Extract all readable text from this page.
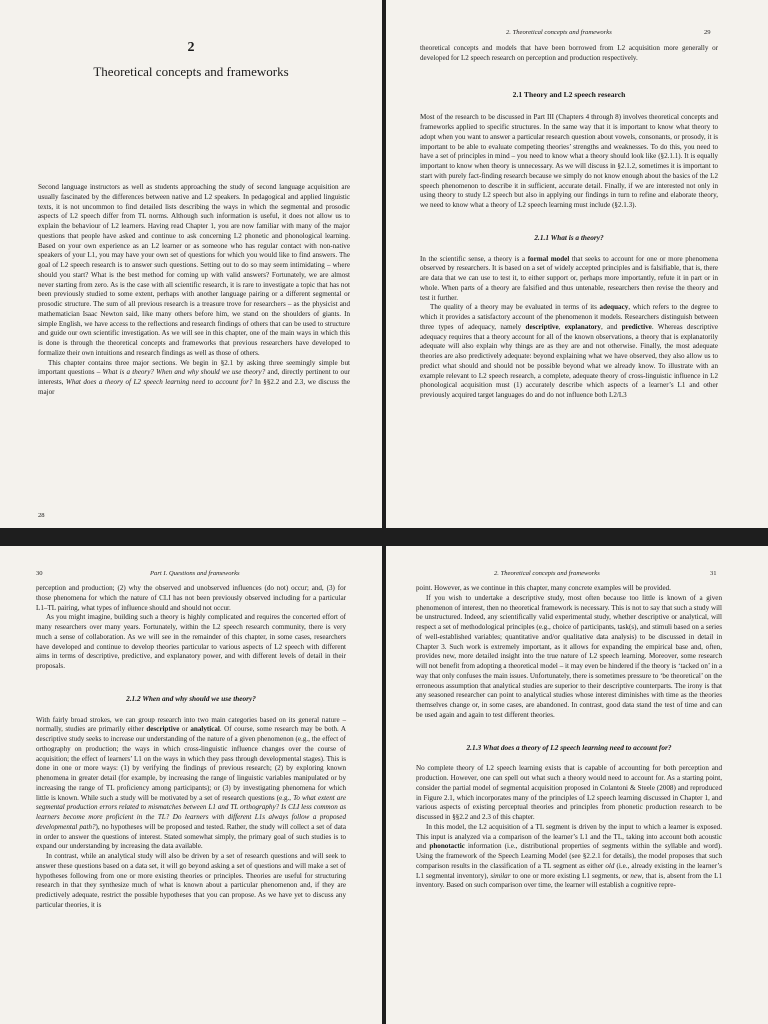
2
Theoretical concepts and frameworks

Second language instructors as well as students approaching the study of second language acquisition are usually fascinated by the differences between native and L2 speakers. In pedagogical and applied linguistic texts, it is not uncommon to find detailed lists describing the ways in which the segmental and prosodic aspects of L2 speech differ from TL norms. Although such information is useful, it does not allow us to explain the behaviour of L2 learners. Having read Chapter 1, you are now familiar with many of the major questions that people have asked and continue to ask concerning L2 phonetic and phonological learning. Based on your own experience as an L2 learner or as someone who has regular contact with non-native speakers of your L1, you may have your own set of questions for which you would like to find answers. The goal of L2 speech research is to answer such questions. Setting out to do so may seem intimidating – where should you start? What is the best method for coming up with valid answers? Fortunately, we are almost never starting from zero. As is the case with all scientific research, it is rare to investigate a topic that has not been previously studied to some extent, perhaps with another language pairing or a different segmental or prosodic structure. The sum of all previous research is a treasure trove for researchers – as the physicist and mathematician Isaac Newton said, like many others before him, we stand on the shoulders of giants. In simple English, we have access to the reflections and research findings of others that can be used to structure and guide our own scientific investigation. As we will see in this chapter, one of the main ways in which this is done is through the theoretical concepts and frameworks that previous researchers have developed to formalize their own intuitions and research findings as well as those of others.

This chapter contains three major sections. We begin in §2.1 by asking three seemingly simple but important questions – What is a theory? When and why should we use theory? and, directly pertinent to our interests, What does a theory of L2 speech learning need to account for? In §§2.2 and 2.3, we discuss the major

28
2. Theoretical concepts and frameworks	29

theoretical concepts and models that have been borrowed from L2 acquisition more generally or developed for L2 speech research on perception and production respectively.

2.1 Theory and L2 speech research

Most of the research to be discussed in Part III (Chapters 4 through 8) involves theoretical concepts and frameworks applied to specific structures. In the same way that it is important to know what theory to adopt when you want to answer a particular research question about vowels, consonants, or prosody, it is important to be able to evaluate competing theories’ strengths and weaknesses. To do this, you need to have a set of principles in mind – you need to know what a theory should look like (§2.1.1). It is equally important to know when theory is unnecessary. As we will discuss in §2.1.2, sometimes it is important to start with purely fact-finding research because we simply do not know enough about the basics of the L2 speech phenomenon to describe it in sufficient, accurate detail. Finally, if we are interested not only in using theory to study L2 speech but also in applying our findings in turn to refine and elaborate theory, we need to know what a theory of L2 speech learning must include (§2.1.3).

2.1.1 What is a theory?

In the scientific sense, a theory is a formal model that seeks to account for one or more phenomena observed by researchers. It is based on a set of widely accepted principles and is falsifiable, that is, there are data that we can use to test it, to either support or, perhaps more importantly, refute it in part or in whole. When parts of a theory are falsified and thus untenable, researchers then revise the theory and test it further.

The quality of a theory may be evaluated in terms of its adequacy, which refers to the degree to which it provides a satisfactory account of the phenomenon it models. Researchers distinguish between three types of adequacy, namely descriptive, explanatory, and predictive. Whereas descriptive adequacy requires that a theory account for all of the known observations, a theory that is explanatorily adequate will also explain why things are as they are and not otherwise. Finally, the most adequate theories are also predictively adequate: beyond explaining what we have observed, they also allow us to predict what should and should not be possible beyond what we already know. To illustrate with an example relevant to L2 speech research, a complete, adequate theory of cross-linguistic influence in L2 phonological acquisition must (1) accurately describe which aspects of a learner’s L1 and other previously acquired target languages do and do not influence both L2/L3

30	Part I. Questions and frameworks

perception and production; (2) why the observed and unobserved influences (do not) occur; and, (3) for those phenomena for which the nature of CLI has not been previously observed including for a particular L1–TL pairing, what types of influence should and should not occur.

As you might imagine, building such a theory is highly complicated and requires the concerted effort of many researchers over many years. Fortunately, within the L2 speech research community, there is very much a sense of collaboration. As we will see in the remainder of this chapter, in some cases, researchers have developed and continue to develop theories particular to various aspects of L2 speech with different aims in terms of descriptive, predictive, and explanatory power, and with different levels of detail in their proposals.

2.1.2 When and why should we use theory?

With fairly broad strokes, we can group research into two main categories based on its general nature – normally, studies are primarily either descriptive or analytical. Of course, some research may be both. A descriptive study seeks to increase our understanding of the nature of a given phenomenon (e.g., the effect of orthography on production; the ways in which cross-linguistic influence changes over the course of acquisition; the effect of learners’ L1 on the ways in which they pass through developmental stages). This is done in one or more ways: (1) by verifying the findings of previous research; (2) by exploring known phenomena in greater detail (for example, by increasing the range of linguistic variables manipulated or by increasing the range of TL proficiency among participants); or (3) by investigating phenomena for which little is known. While such a study will be motivated by a set of research questions (e.g., To what extent are segmental production errors related to mismatches between L1 and TL orthography? Is CLI less common as learners become more proficient in the TL? Do learners with different L1s always follow a proposed developmental path?), no hypotheses will be proposed and tested. Rather, the study will collect a set of data in order to answer the questions of interest. Stated somewhat simply, the primary goal of such studies is to expand our understanding by increasing the data available.

In contrast, while an analytical study will also be driven by a set of research questions and will seek to answer these questions based on a data set, it will go beyond asking a set of questions and will make a set of hypotheses following from one or more existing theories or principles. Theories are useful for structuring research in that they synthesize much of what is known about a particular phenomenon and, if they are predictively adequate, restrict the possible hypotheses that you can propose. As we have yet to discuss any particular theories, it is

2. Theoretical concepts and frameworks	31

point. However, as we continue in this chapter, many concrete examples will be provided.

If you wish to undertake a descriptive study, most often because too little is known of a given phenomenon of interest, then no theoretical framework is necessary. This is not to say that such a study will be unstructured. Indeed, any scientifically valid experimental study, whether descriptive or analytical, will respect a set of methodological principles (e.g., choice of participants, task(s), and stimuli based on a series of well-established variables; quantitative and/or qualitative data analysis) to be discussed in detail in Chapter 3. Such work is extremely important, as it allows for expanding the empirical base and, often, provides new, more detailed insight into the true nature of L2 speech learning. Moreover, some research will not benefit from adopting a theoretical model – it may even be hindered if the theory is ‘tacked on’ in a way that only confuses the main issues. Unfortunately, there is sometimes pressure to ‘be theoretical’ on the erroneous assumption that analytical studies are superior to their descriptive counterparts. The irony is that any seasoned researcher can point to analytical studies whose interest diminishes with time as the theories themselves change or, in some cases, are abandoned. In contrast, good data stand the test of time and can be used again and again to test different theories.

2.1.3 What does a theory of L2 speech learning need to account for?

No complete theory of L2 speech learning exists that is capable of accounting for both perception and production. However, one can spell out what such a theory would need to account for. As a starting point, consider the partial model of segmental acquisition proposed in Colantoni & Steele (2008) and reproduced in Figure 2.1, which incorporates many of the principles of L2 speech learning discussed in Chapter 1, and various aspects of existing perceptual theories and principles from phonetic production research to be discussed in §§2.2 and 2.3 of this chapter.

In this model, the L2 acquisition of a TL segment is driven by the input to which a learner is exposed. This input is analyzed via a comparison of the learner’s L1 and the TL, taking into account both acoustic and phonotactic information (i.e., distributional properties of segments within the syllable and word). Using the framework of the Speech Learning Model (see §2.2.1 for details), the model proposes that such comparison results in the classification of a TL segment as either old (i.e., already existing in the learner’s L1 segmental inventory), similar to one or more existing L1 segments, or new, that is, absent from the L1 inventory. Based on such comparison over time, the learner will establish a cognitive repre-
